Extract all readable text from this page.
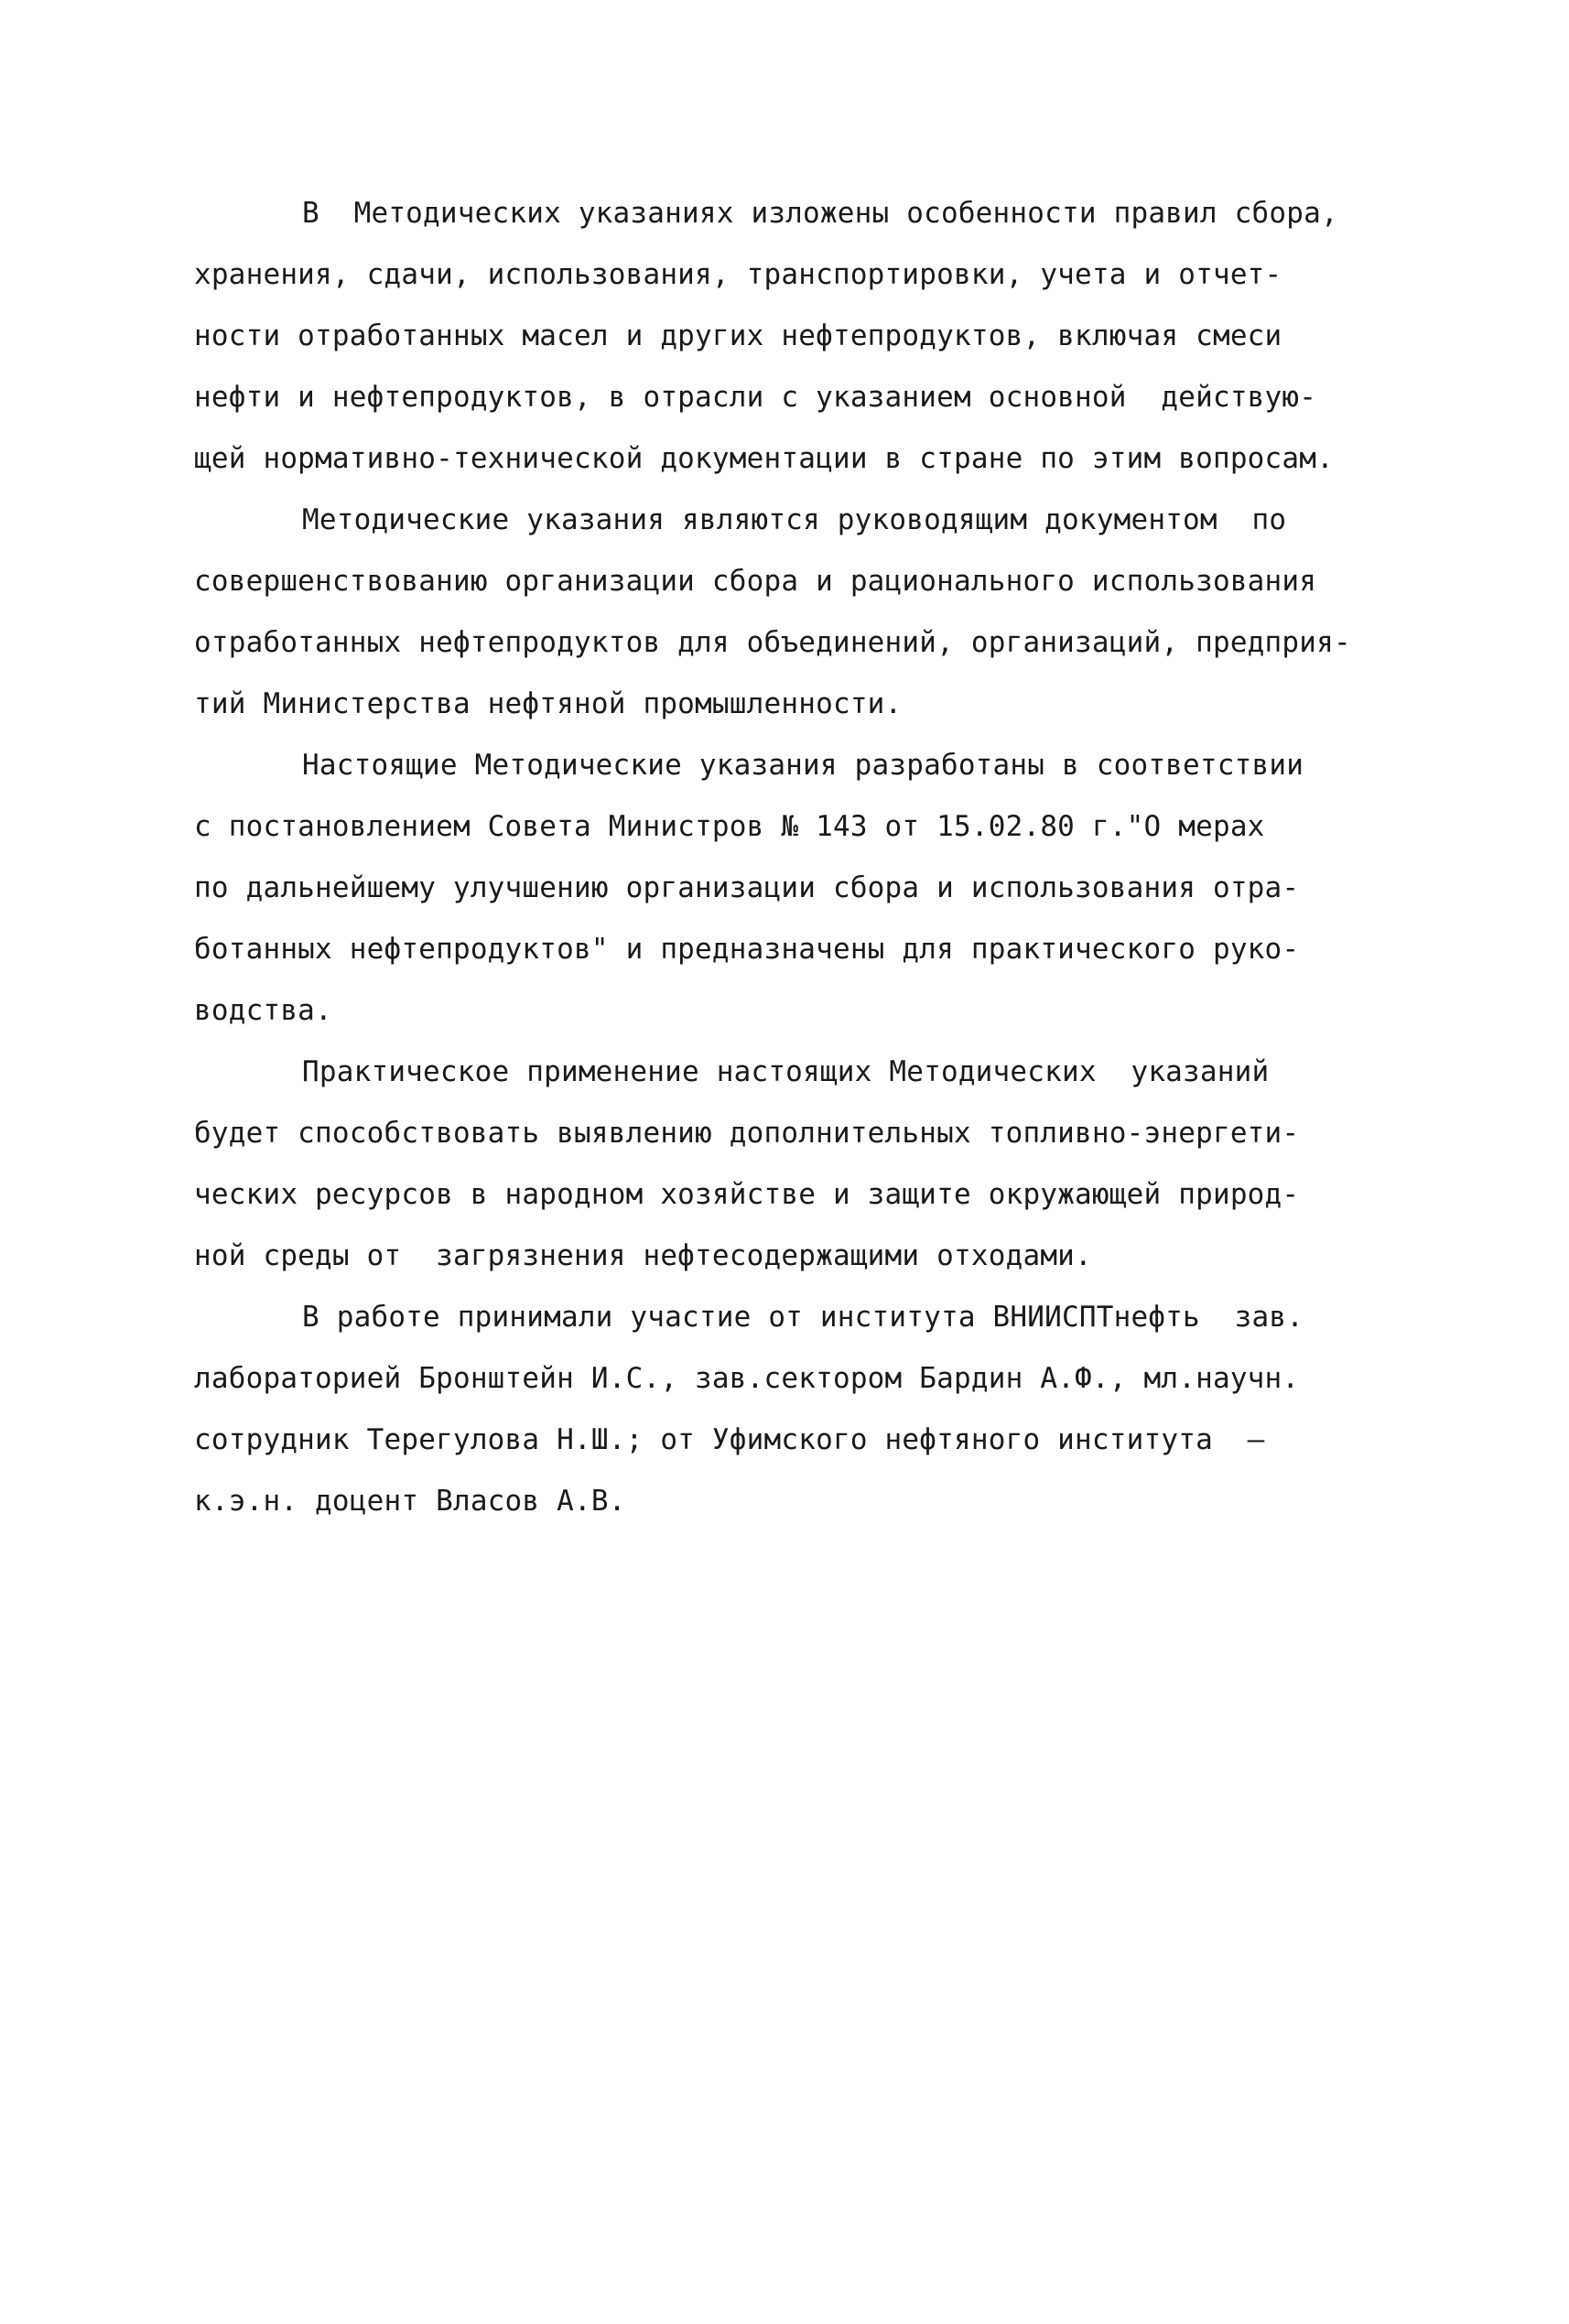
В  Методических указаниях изложены особенности правил сбора,
хранения, сдачи, использования, транспортировки, учета и отчет-
ности отработанных масел и других нефтепродуктов, включая смеси
нефти и нефтепродуктов, в отрасли с указанием основной  действую-
щей нормативно-технической документации в стране по этим вопросам.
Методические указания являются руководящим документом  по
совершенствованию организации сбора и рационального использования
отработанных нефтепродуктов для объединений, организаций, предприя-
тий Министерства нефтяной промышленности.
Настоящие Методические указания разработаны в соответствии
с постановлением Совета Министров № 143 от 15.02.80 г."О мерах
по дальнейшему улучшению организации сбора и использования отра-
ботанных нефтепродуктов" и предназначены для практического руко-
водства.
Практическое применение настоящих Методических  указаний
будет способствовать выявлению дополнительных топливно-энергети-
ческих ресурсов в народном хозяйстве и защите окружающей природ-
ной среды от  загрязнения нефтесодержащими отходами.
В работе принимали участие от института ВНИИСПТнефть  зав.
лабораторией Бронштейн И.С., зав.сектором Бардин А.Ф., мл.научн.
сотрудник Терегулова Н.Ш.; от Уфимского нефтяного института  —
к.э.н. доцент Власов А.В.
